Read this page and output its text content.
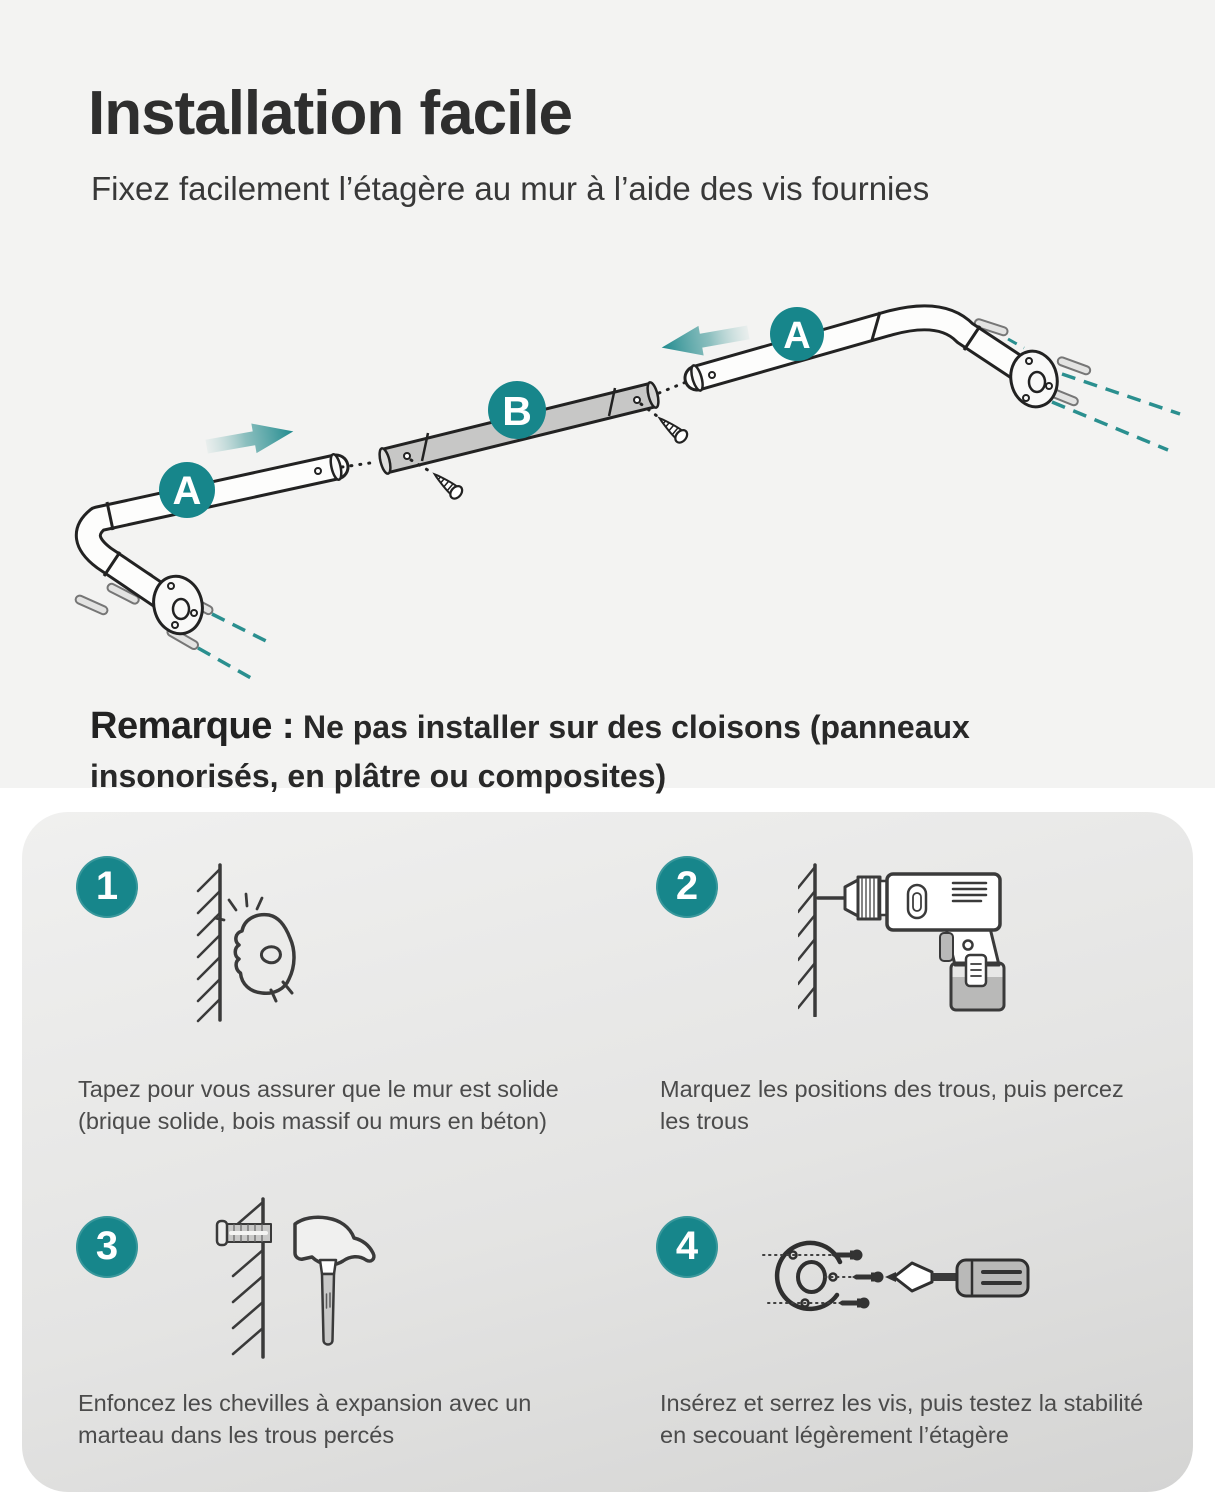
Installation facile

Fixez facilement l’étagère au mur à l’aide des vis fournies

A
B
A

Remarque : Ne pas installer sur des cloisons (panneaux insonorisés, en plâtre ou composites)

1

Tapez pour vous assurer que le mur est solide (brique solide, bois massif ou murs en béton)

2

Marquez les positions des trous, puis percez les trous

3

Enfoncez les chevilles à expansion avec un marteau dans les trous percés

4

Insérez et serrez les vis, puis testez la stabilité en secouant légèrement l’étagère
